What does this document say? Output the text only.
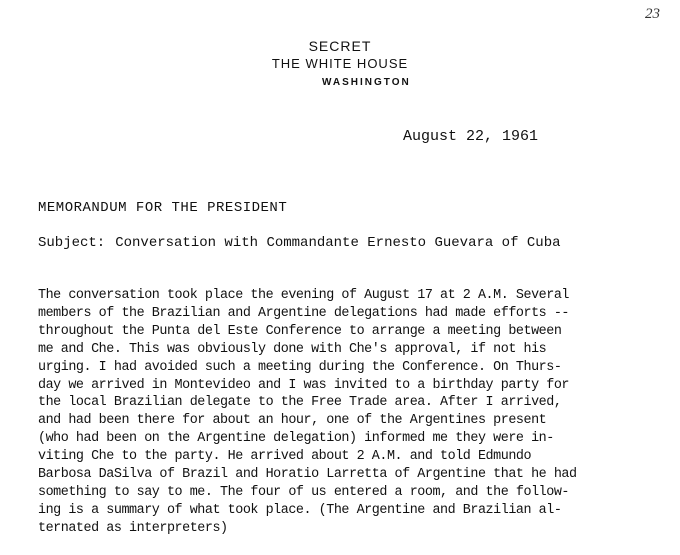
23
SECRET
THE WHITE HOUSE
WASHINGTON
August 22, 1961
MEMORANDUM FOR THE PRESIDENT
Subject: Conversation with Commandante Ernesto Guevara of Cuba
The conversation took place the evening of August 17 at 2 A.M. Several
members of the Brazilian and Argentine delegations had made efforts --
throughout the Punta del Este Conference to arrange a meeting between
me and Che. This was obviously done with Che's approval, if not his
urging. I had avoided such a meeting during the Conference. On Thurs-
day we arrived in Montevideo and I was invited to a birthday party for
the local Brazilian delegate to the Free Trade area. After I arrived,
and had been there for about an hour, one of the Argentines present
(who had been on the Argentine delegation) informed me they were in-
viting Che to the party. He arrived about 2 A.M. and told Edmundo
Barbosa DaSilva of Brazil and Horatio Larretta of Argentine that he had
something to say to me. The four of us entered a room, and the follow-
ing is a summary of what took place. (The Argentine and Brazilian al-
ternated as interpreters)
